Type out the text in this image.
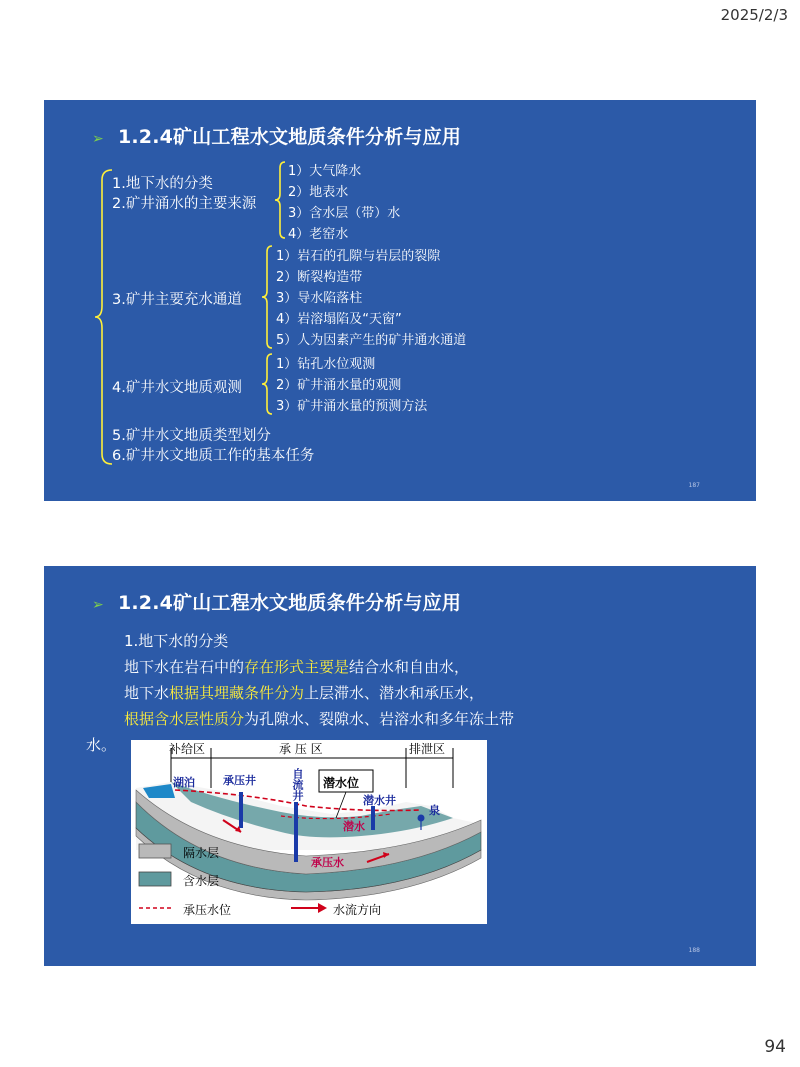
2025/2/3
➢ 1.2.4矿山工程水文地质条件分析与应用
1.地下水的分类
2.矿井涌水的主要来源
1）大气降水
2）地表水
3）含水层（带）水
4）老窑水
3.矿井主要充水通道
1）岩石的孔隙与岩层的裂隙
2）断裂构造带
3）导水陷落柱
4）岩溶塌陷及“天窗”
5）人为因素产生的矿井通水通道
4.矿井水文地质观测
1）钻孔水位观测
2）矿井涌水量的观测
3）矿井涌水量的预测方法
5.矿井水文地质类型划分
6.矿井水文地质工作的基本任务
187
➢ 1.2.4矿山工程水文地质条件分析与应用
1.地下水的分类
地下水在岩石中的存在形式主要是结合水和自由水，
地下水根据其埋藏条件分为上层滞水、潜水和承压水，
根据含水层性质分为孔隙水、裂隙水、岩溶水和多年冻土带
水。	补给区	承 压 区	排泄区
湖泊	承压井	自流井 潜水位
潜水井
泉
潜水
承压水
隔水层
含水层
承压水位	水流方向
188
94
